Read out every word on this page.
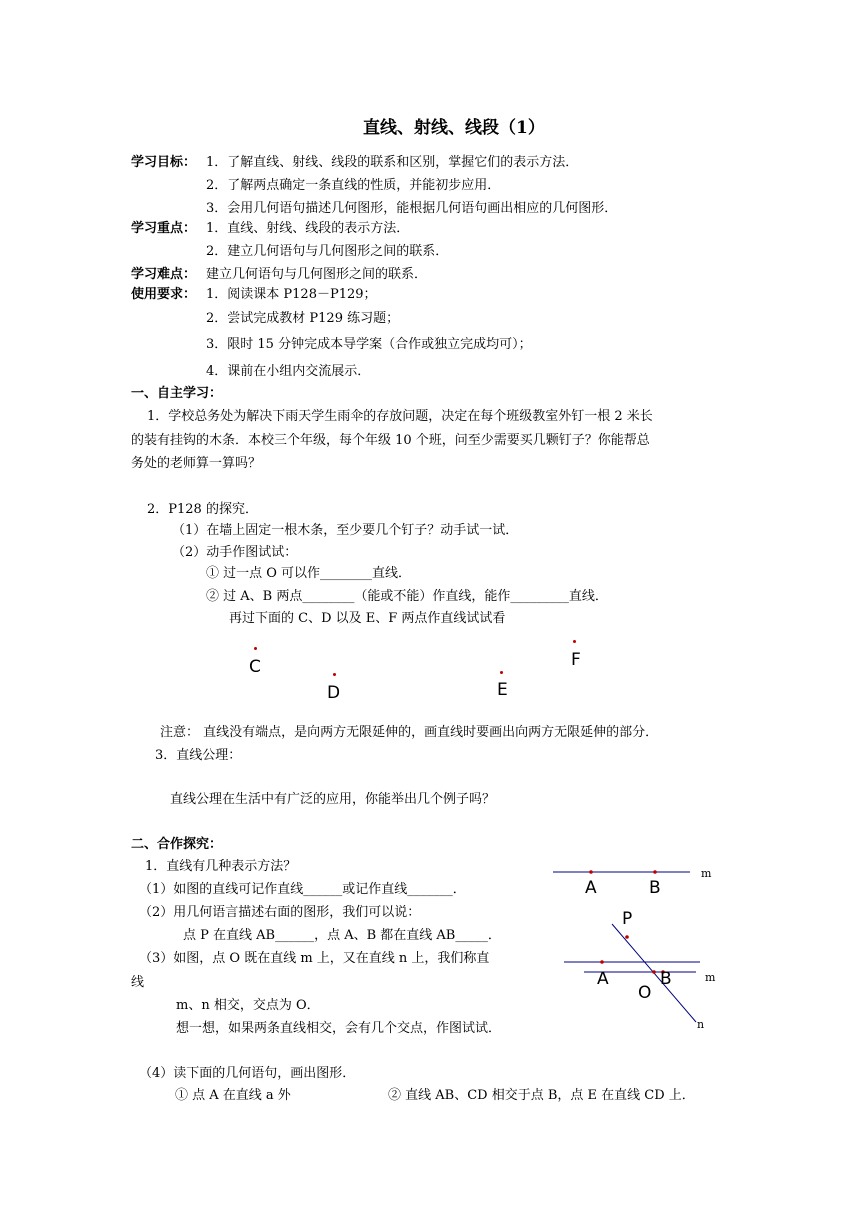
直线、射线、线段（1）
学习目标： 1．了解直线、射线、线段的联系和区别，掌握它们的表示方法．
2．了解两点确定一条直线的性质，并能初步应用．
3．会用几何语句描述几何图形，能根据几何语句画出相应的几何图形．
学习重点： 1．直线、射线、线段的表示方法．
2．建立几何语句与几何图形之间的联系．
学习难点： 建立几何语句与几何图形之间的联系．
使用要求： 1．阅读课本 P128－P129；
2．尝试完成教材 P129 练习题；
3．限时 15 分钟完成本导学案（合作或独立完成均可）；
4．课前在小组内交流展示．
一、自主学习：
1．学校总务处为解决下雨天学生雨伞的存放问题，决定在每个班级教室外钉一根 2 米长
的装有挂钩的木条．本校三个年级，每个年级 10 个班，问至少需要买几颗钉子？你能帮总
务处的老师算一算吗？
2．P128 的探究．
（1）在墙上固定一根木条，至少要几个钉子？动手试一试．
（2）动手作图试试：
① 过一点 O 可以作________直线．
② 过 A、B 两点________（能或不能）作直线，能作_________直线．
再过下面的 C、D 以及 E、F 两点作直线试试看
C
D	E
F
注意： 直线没有端点，是向两方无限延伸的，画直线时要画出向两方无限延伸的部分．
3．直线公理：
直线公理在生活中有广泛的应用，你能举出几个例子吗？
二、合作探究：
1．直线有几种表示方法？
（1）如图的直线可记作直线______或记作直线_______．
（2）用几何语言描述右面的图形，我们可以说：
点 P 在直线 AB______，点 A、B 都在直线 AB_____．
（3）如图，点 O 既在直线 m 上，又在直线 n 上，我们称直
线
m、n 相交，交点为 O．
想一想，如果两条直线相交，会有几个交点，作图试试．
（4）读下面的几何语句，画出图形．
① 点 A 在直线 a 外	② 直线 AB、CD 相交于点 B，点 E 在直线 CD 上．
A	B
m
P
A	B
O
m
n
